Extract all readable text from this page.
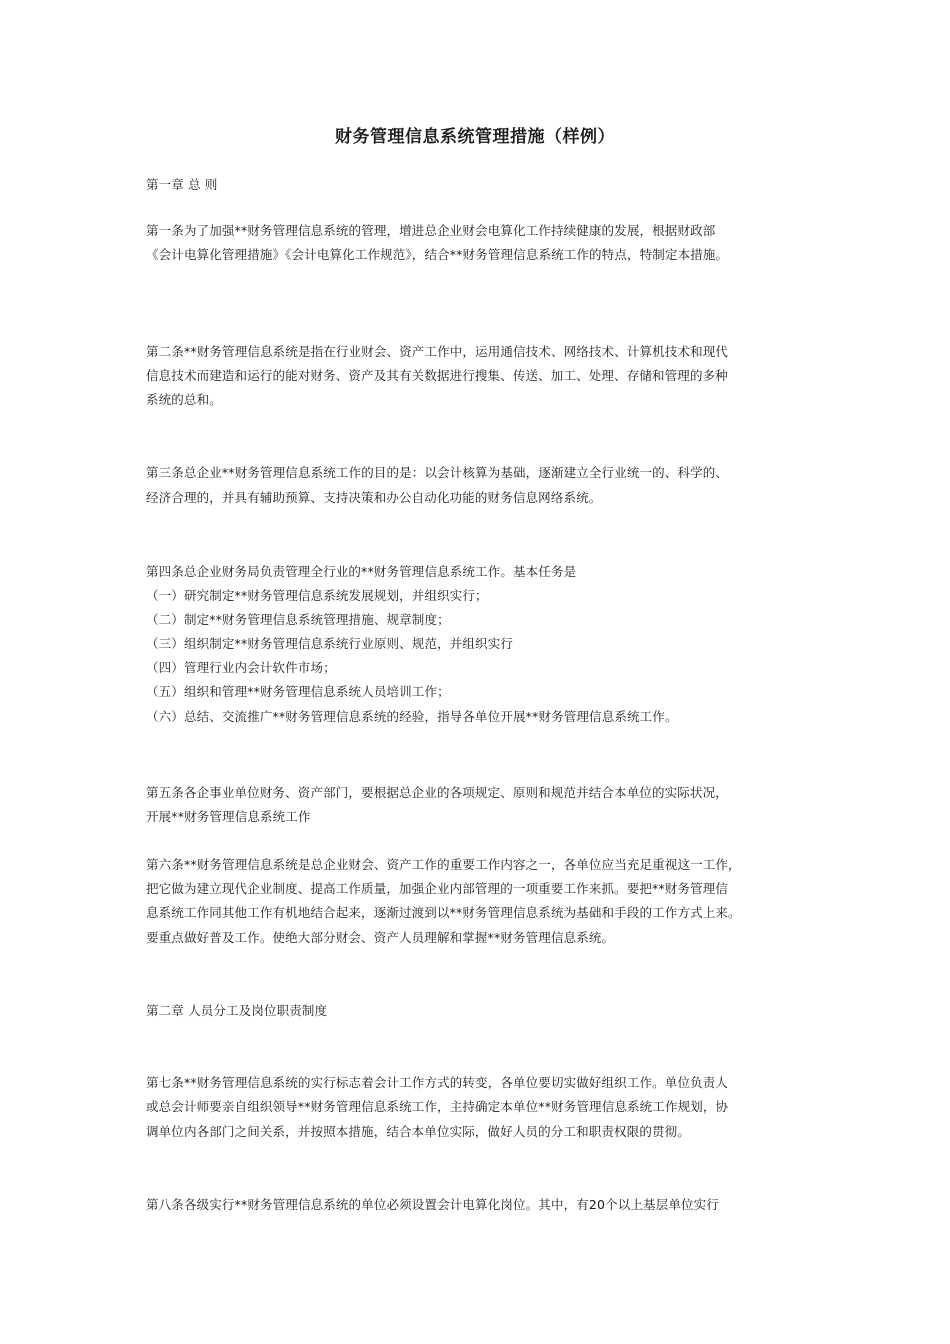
财务管理信息系统管理措施（样例）
第一章 总 则
第一条为了加强**财务管理信息系统的管理，增进总企业财会电算化工作持续健康的发展，根据财政部
《会计电算化管理措施》《会计电算化工作规范》，结合**财务管理信息系统工作的特点，特制定本措施。
第二条**财务管理信息系统是指在行业财会、资产工作中，运用通信技术、网络技术、计算机技术和现代
信息技术而建造和运行的能对财务、资产及其有关数据进行搜集、传送、加工、处理、存储和管理的多种
系统的总和。
第三条总企业**财务管理信息系统工作的目的是：以会计核算为基础，逐渐建立全行业统一的、科学的、
经济合理的，并具有辅助预算、支持决策和办公自动化功能的财务信息网络系统。
第四条总企业财务局负责管理全行业的**财务管理信息系统工作。基本任务是
（一）研究制定**财务管理信息系统发展规划，并组织实行；
（二）制定**财务管理信息系统管理措施、规章制度；
（三）组织制定**财务管理信息系统行业原则、规范，并组织实行
（四）管理行业内会计软件市场；
（五）组织和管理**财务管理信息系统人员培训工作；
（六）总结、交流推广**财务管理信息系统的经验，指导各单位开展**财务管理信息系统工作。
第五条各企事业单位财务、资产部门，要根据总企业的各项规定、原则和规范并结合本单位的实际状况，
开展**财务管理信息系统工作
第六条**财务管理信息系统是总企业财会、资产工作的重要工作内容之一，各单位应当充足重视这一工作，
把它做为建立现代企业制度、提高工作质量，加强企业内部管理的一项重要工作来抓。要把**财务管理信
息系统工作同其他工作有机地结合起来，逐渐过渡到以**财务管理信息系统为基础和手段的工作方式上来。
要重点做好普及工作。使绝大部分财会、资产人员理解和掌握**财务管理信息系统。
第二章 人员分工及岗位职责制度
第七条**财务管理信息系统的实行标志着会计工作方式的转变，各单位要切实做好组织工作。单位负责人
或总会计师要亲自组织领导**财务管理信息系统工作，主持确定本单位**财务管理信息系统工作规划，协
调单位内各部门之间关系，并按照本措施，结合本单位实际，做好人员的分工和职责权限的贯彻。
第八条各级实行**财务管理信息系统的单位必须设置会计电算化岗位。其中，有20个以上基层单位实行
